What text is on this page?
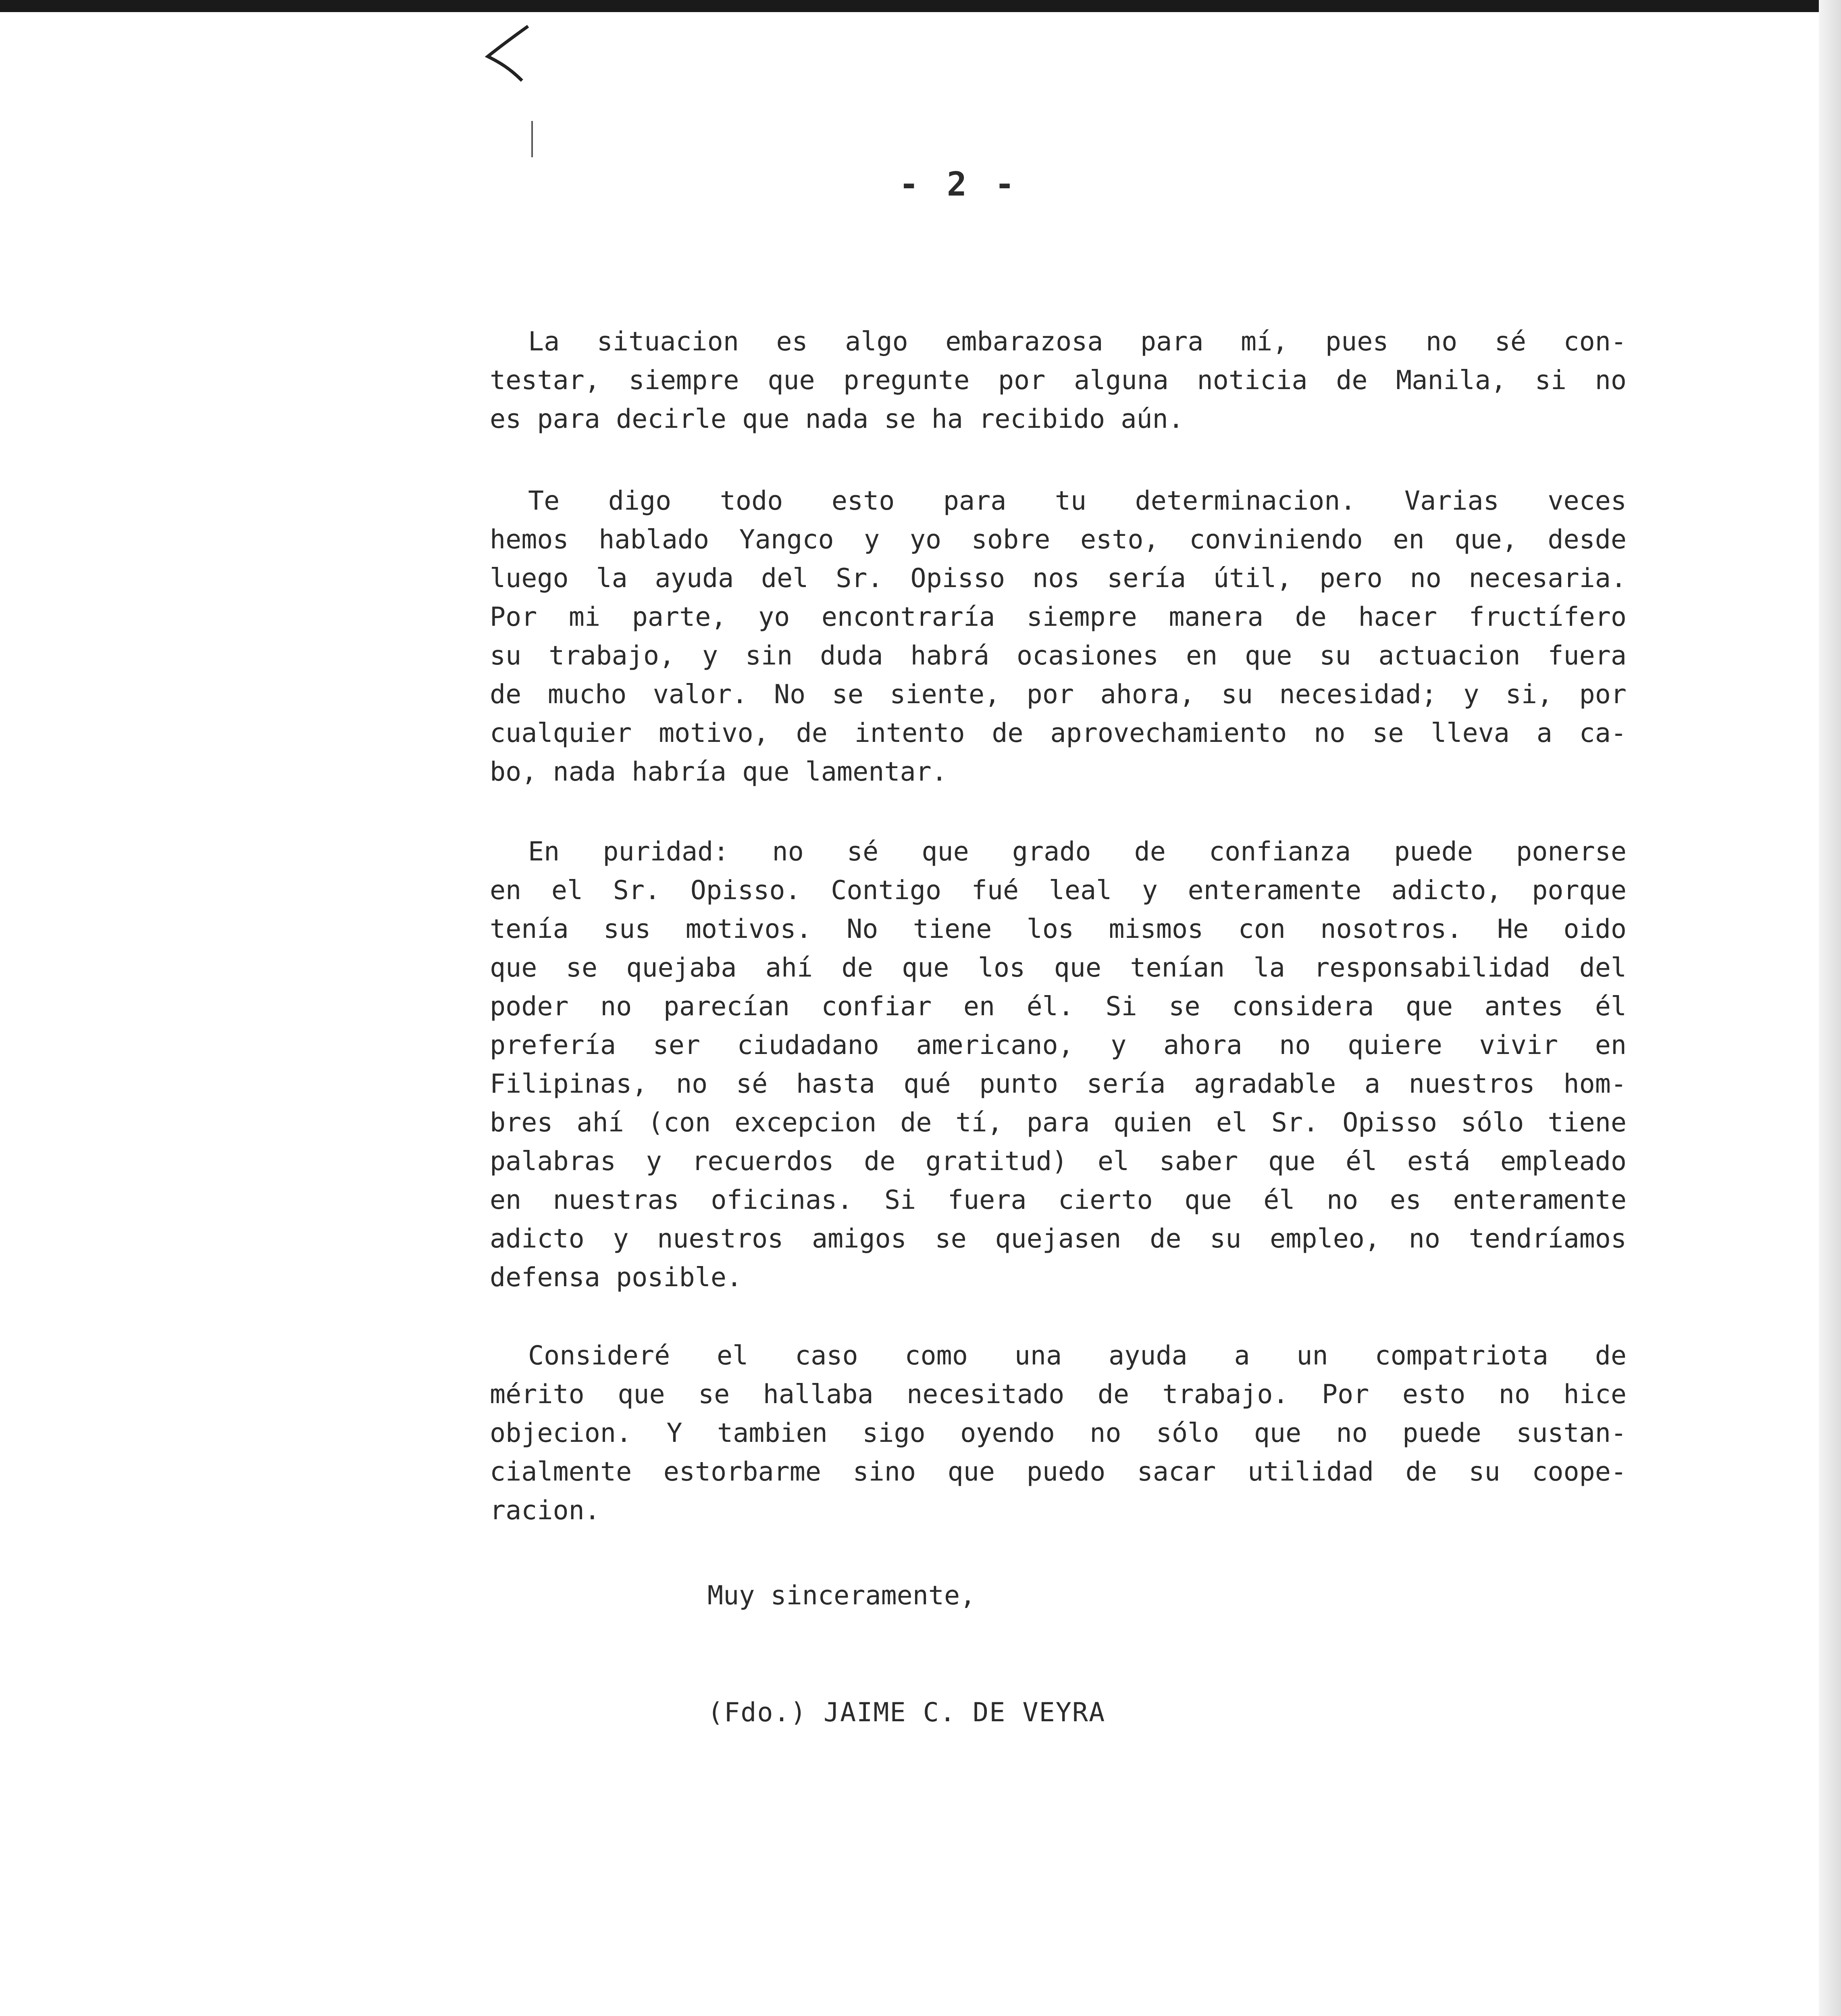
- 2 -
La situacion es algo embarazosa para mí, pues no sé con-
testar, siempre que pregunte por alguna noticia de Manila, si no
es para decirle que nada se ha recibido aún.
Te digo todo esto para tu determinacion. Varias veces
hemos hablado Yangco y yo sobre esto, conviniendo en que, desde
luego la ayuda del Sr. Opisso nos sería útil, pero no necesaria.
Por mi parte, yo encontraría siempre manera de hacer fructífero
su trabajo, y sin duda habrá ocasiones en que su actuacion fuera
de mucho valor. No se siente, por ahora, su necesidad; y si, por
cualquier motivo, de intento de aprovechamiento no se lleva a ca-
bo, nada habría que lamentar.
En puridad: no sé que grado de confianza puede ponerse
en el Sr. Opisso. Contigo fué leal y enteramente adicto, porque
tenía sus motivos. No tiene los mismos con nosotros. He oido
que se quejaba ahí de que los que tenían la responsabilidad del
poder no parecían confiar en él. Si se considera que antes él
prefería ser ciudadano americano, y ahora no quiere vivir en
Filipinas, no sé hasta qué punto sería agradable a nuestros hom-
bres ahí (con excepcion de tí, para quien el Sr. Opisso sólo tiene
palabras y recuerdos de gratitud) el saber que él está empleado
en nuestras oficinas. Si fuera cierto que él no es enteramente
adicto y nuestros amigos se quejasen de su empleo, no tendríamos
defensa posible.
Consideré el caso como una ayuda a un compatriota de
mérito que se hallaba necesitado de trabajo. Por esto no hice
objecion. Y tambien sigo oyendo no sólo que no puede sustan-
cialmente estorbarme sino que puedo sacar utilidad de su coope-
racion.
Muy sinceramente,
(Fdo.) JAIME C. DE VEYRA
